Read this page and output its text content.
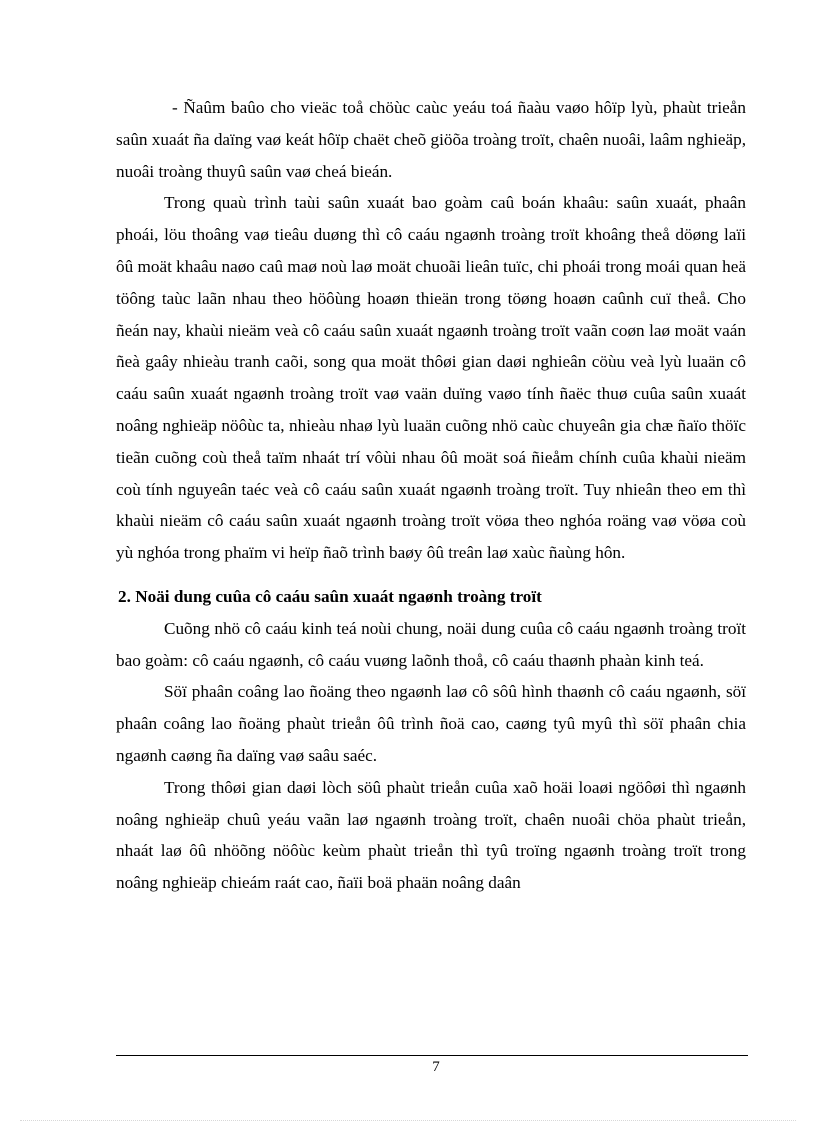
- Ñaûm baûo cho vieäc toå chöùc caùc yeáu toá ñaàu vaøo hôïp lyù, phaùt trieån saûn xuaát ña daïng vaø keát hôïp chaët cheõ giöõa troàng troït, chaên nuoâi, laâm nghieäp, nuoâi troàng thuyû saûn vaø cheá bieán.

Trong quaù trình taùi saûn xuaát bao goàm caû boán khaâu: saûn xuaát, phaân phoái, löu thoâng vaø tieâu duøng thì cô caáu ngaønh troàng troït khoâng theå döøng laïi ôû moät khaâu naøo caû maø noù laø moät chuoãi lieân tuïc, chi phoái trong moái quan heä töông taùc laãn nhau theo höôùng hoaøn thieän trong töøng hoaøn caûnh cuï theå. Cho ñeán nay, khaùi nieäm veà cô caáu saûn xuaát ngaønh troàng troït vaãn coøn laø moät vaán ñeà gaây nhieàu tranh caõi, song qua moät thôøi gian daøi nghieân cöùu veà lyù luaän cô caáu saûn xuaát ngaønh troàng troït vaø vaän duïng vaøo tính ñaëc thuø cuûa saûn xuaát noâng nghieäp nöôùc ta, nhieàu nhaø lyù luaän cuõng nhö caùc chuyeân gia chæ ñaïo thöïc tieãn cuõng coù theå taïm nhaát trí vôùi nhau ôû moät soá ñieåm chính cuûa khaùi nieäm coù tính nguyeân taéc veà cô caáu saûn xuaát ngaønh troàng troït. Tuy nhieân theo em thì khaùi nieäm cô caáu saûn xuaát ngaønh troàng troït vöøa theo nghóa roäng vaø vöøa coù yù nghóa trong phaïm vi heïp ñaõ trình baøy ôû treân laø xaùc ñaùng hôn.

2. Noäi dung cuûa cô caáu saûn xuaát ngaønh troàng troït

Cuõng nhö cô caáu kinh teá noùi chung, noäi dung cuûa cô caáu ngaønh troàng troït bao goàm: cô caáu ngaønh, cô caáu vuøng laõnh thoå, cô caáu thaønh phaàn kinh teá.

Söï phaân coâng lao ñoäng theo ngaønh laø cô sôû hình thaønh cô caáu ngaønh, söï phaân coâng lao ñoäng phaùt trieån ôû trình ñoä cao, caøng tyû myû thì söï phaân chia ngaønh caøng ña daïng vaø saâu saéc.

Trong thôøi gian daøi lòch söû phaùt trieån cuûa xaõ hoäi loaøi ngöôøi thì ngaønh noâng nghieäp chuû yeáu vaãn laø ngaønh troàng troït, chaên nuoâi chöa phaùt trieån, nhaát laø ôû nhöõng nöôùc keùm phaùt trieån thì tyû troïng ngaønh troàng troït trong noâng nghieäp chieám raát cao, ñaïi boä phaän noâng daân

7
